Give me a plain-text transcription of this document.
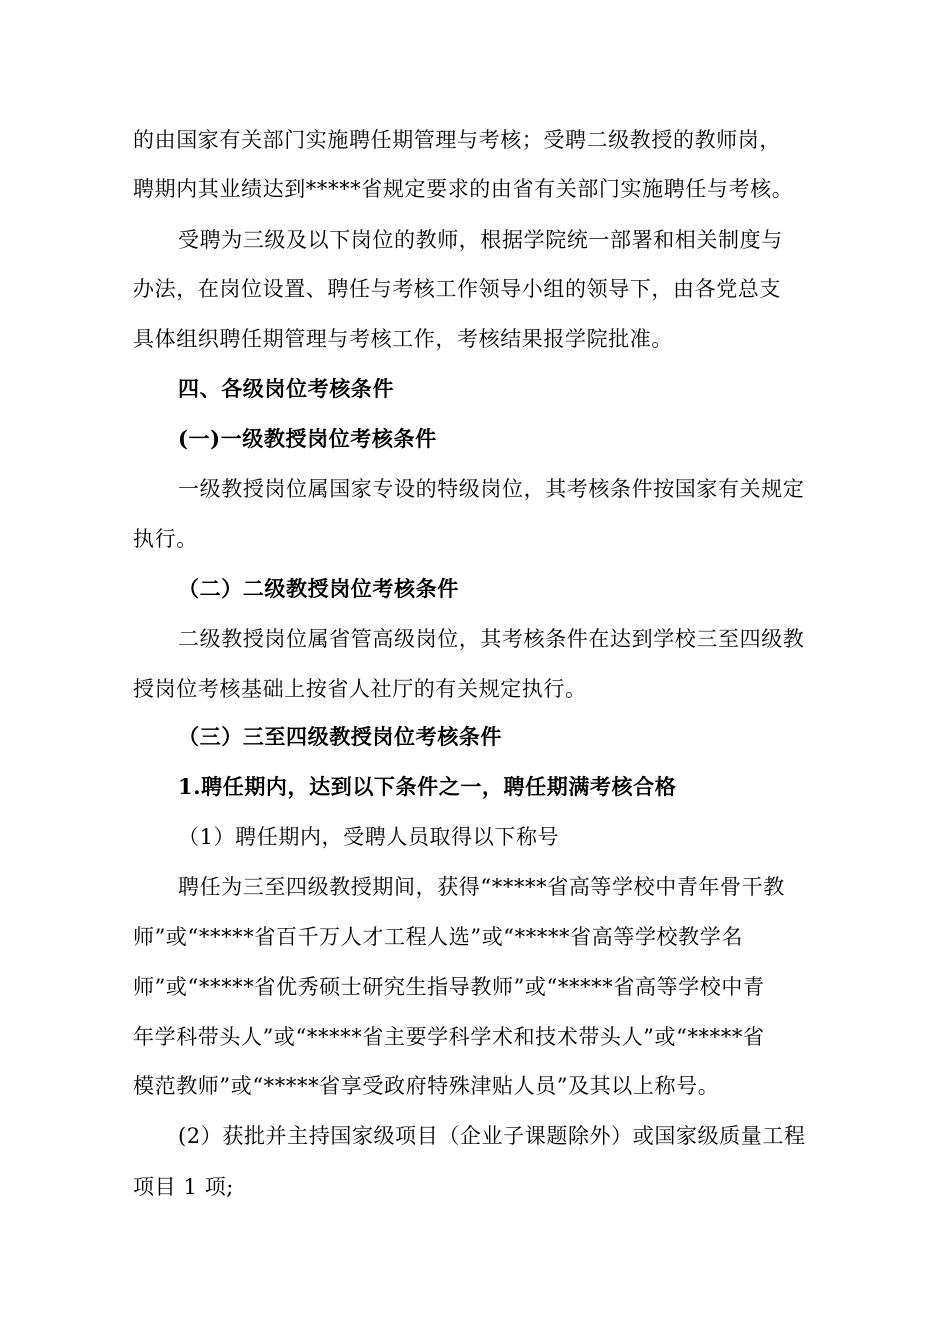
的由国家有关部门实施聘任期管理与考核；受聘二级教授的教师岗，
聘期内其业绩达到*****省规定要求的由省有关部门实施聘任与考核。
受聘为三级及以下岗位的教师，根据学院统一部署和相关制度与
办法，在岗位设置、聘任与考核工作领导小组的领导下，由各党总支
具体组织聘任期管理与考核工作，考核结果报学院批准。
四、各级岗位考核条件
(一)一级教授岗位考核条件
一级教授岗位属国家专设的特级岗位，其考核条件按国家有关规定
执行。
（二）二级教授岗位考核条件
二级教授岗位属省管高级岗位，其考核条件在达到学校三至四级教
授岗位考核基础上按省人社厅的有关规定执行。
（三）三至四级教授岗位考核条件
1.聘任期内，达到以下条件之一，聘任期满考核合格
（1）聘任期内，受聘人员取得以下称号
聘任为三至四级教授期间，获得“*****省高等学校中青年骨干教
师”或“*****省百千万人才工程人选”或“*****省高等学校教学名
师”或“*****省优秀硕士研究生指导教师”或“*****省高等学校中青
年学科带头人”或“*****省主要学科学术和技术带头人”或“*****省
模范教师”或“*****省享受政府特殊津贴人员”及其以上称号。
(2）获批并主持国家级项目（企业子课题除外）或国家级质量工程
项目 1 项;
